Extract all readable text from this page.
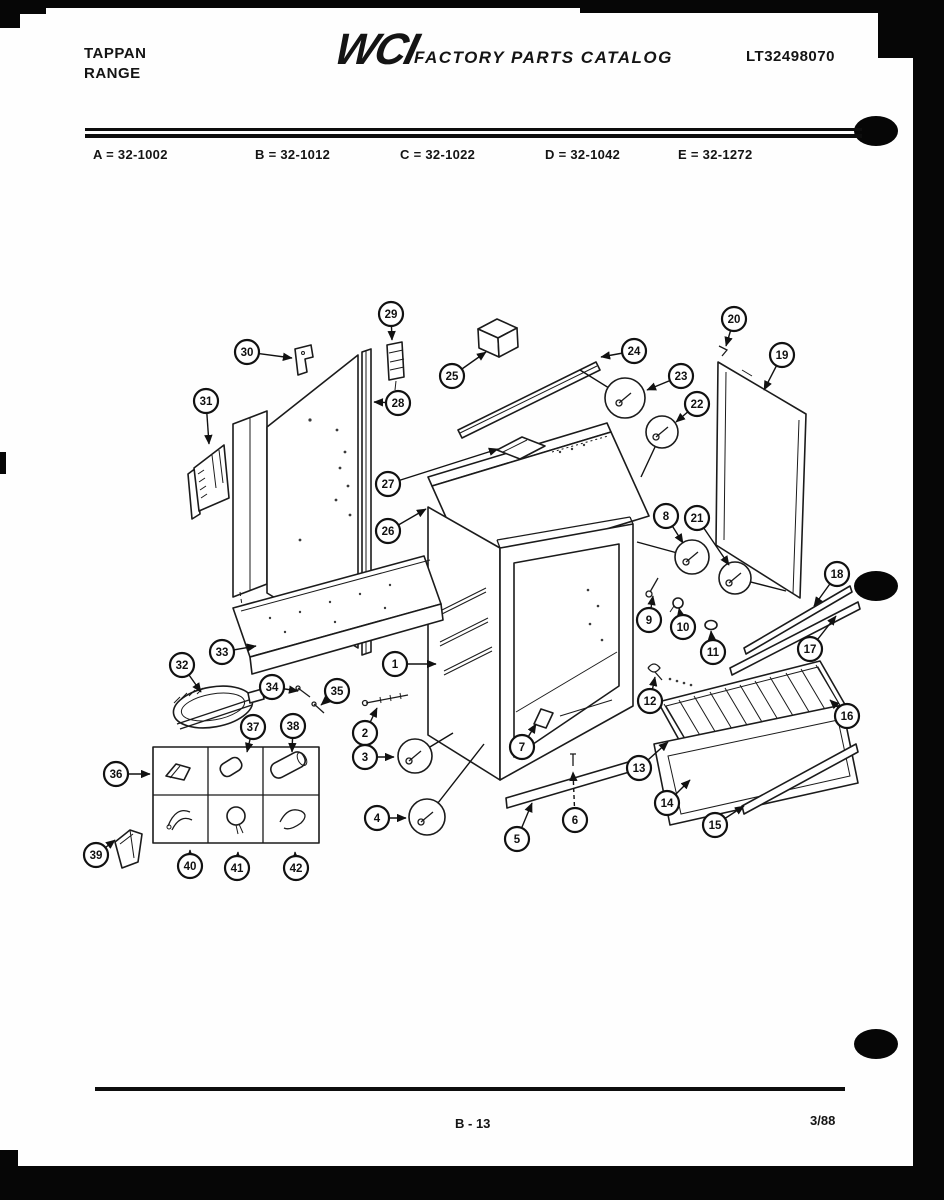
TAPPAN
RANGE	WCI
FACTORY PARTS CATALOG	LT32498070
A = 32-1002	B = 32-1012	C = 32-1022	D = 32-1042	E = 32-1272
1
2
3
4
5
6
7
8
9
10
11
12
13
14
15
16
17
18
19
20
21
22
23
24
25
26
27
28
29
30
31
32
33
34	35
36
37 38
39
40	41	42
B - 13	3/88
